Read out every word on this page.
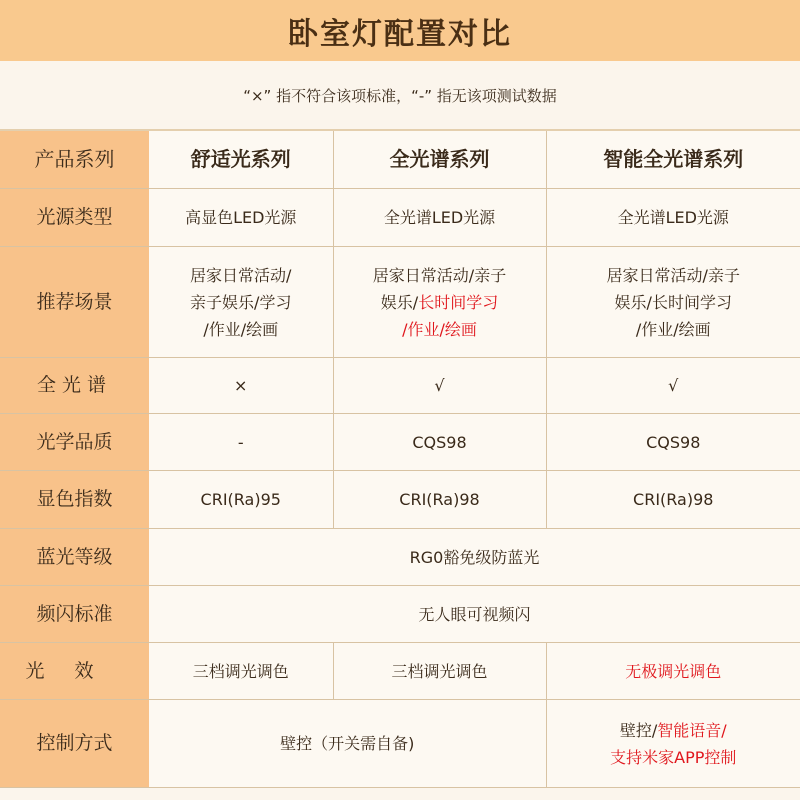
卧室灯配置对比
“×” 指不符合该项标准，“-” 指无该项测试数据
产品系列	舒适光系列	全光谱系列	智能全光谱系列
光源类型	高显色LED光源	全光谱LED光源	全光谱LED光源
推荐场景	居家日常活动/
亲子娱乐/学习
/作业/绘画	居家日常活动/亲子
娱乐/长时间学习
/作业/绘画	居家日常活动/亲子
娱乐/长时间学习
/作业/绘画
全光谱	×	√	√
光学品质	-	CQS98	CQS98
显色指数	CRI(Ra)95	CRI(Ra)98	CRI(Ra)98
蓝光等级	RG0豁免级防蓝光		
频闪标准	无人眼可视频闪		
光效	三档调光调色	三档调光调色	无极调光调色
控制方式	壁控（开关需自备)		壁控/智能语音/
支持米家APP控制
